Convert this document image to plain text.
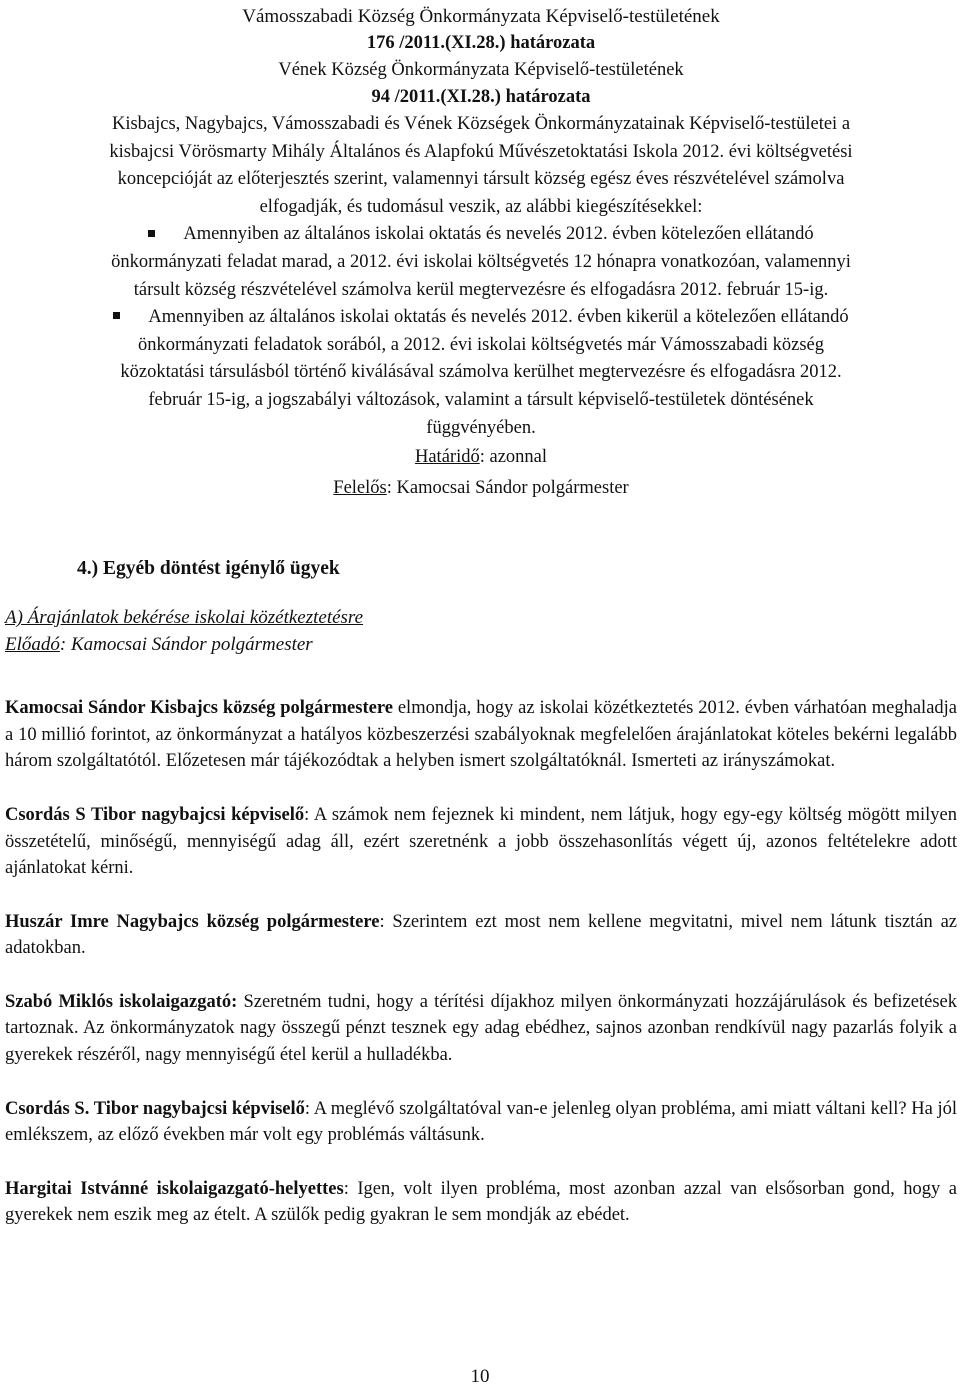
Vámosszabadi Község Önkormányzata Képviselő-testületének
176 /2011.(XI.28.) határozata
Vének Község Önkormányzata Képviselő-testületének
94 /2011.(XI.28.) határozata
Kisbajcs, Nagybajcs, Vámosszabadi és Vének Községek Önkormányzatainak Képviselő-testületei a
kisbajcsi Vörösmarty Mihály Általános és Alapfokú Művészetoktatási Iskola 2012. évi költségvetési
koncepcióját az előterjesztés szerint, valamennyi társult község egész éves részvételével számolva
elfogadják, és tudomásul veszik, az alábbi kiegészítésekkel:
Amennyiben az általános iskolai oktatás és nevelés 2012. évben kötelezően ellátandó
önkormányzati feladat marad, a 2012. évi iskolai költségvetés 12 hónapra vonatkozóan, valamennyi
társult község részvételével számolva kerül megtervezésre és elfogadásra 2012. február 15-ig.
Amennyiben az általános iskolai oktatás és nevelés 2012. évben kikerül a kötelezően ellátandó
önkormányzati feladatok sorából, a 2012. évi iskolai költségvetés már Vámosszabadi község
közoktatási társulásból történő kiválásával számolva kerülhet megtervezésre és elfogadásra 2012.
február 15-ig, a jogszabályi változások, valamint a társult képviselő-testületek döntésének
függvényében.
Határidő: azonnal
Felelős: Kamocsai Sándor polgármester
4.) Egyéb döntést igénylő ügyek
A) Árajánlatok bekérése iskolai közétkeztetésre
Előadó: Kamocsai Sándor polgármester

Kamocsai Sándor Kisbajcs község polgármestere elmondja, hogy az iskolai közétkeztetés 2012. évben várhatóan meghaladja a 10 millió forintot, az önkormányzat a hatályos közbeszerzési szabályoknak megfelelően árajánlatokat köteles bekérni legalább három szolgáltatótól. Előzetesen már tájékozódtak a helyben ismert szolgáltatóknál. Ismerteti az irányszámokat.

Csordás S Tibor nagybajcsi képviselő: A számok nem fejeznek ki mindent, nem látjuk, hogy egy-egy költség mögött milyen összetételű, minőségű, mennyiségű adag áll, ezért szeretnénk a jobb összehasonlítás végett új, azonos feltételekre adott ajánlatokat kérni.

Huszár Imre Nagybajcs község polgármestere: Szerintem ezt most nem kellene megvitatni, mivel nem látunk tisztán az adatokban.

Szabó Miklós iskolaigazgató: Szeretném tudni, hogy a térítési díjakhoz milyen önkormányzati hozzájárulások és befizetések tartoznak. Az önkormányzatok nagy összegű pénzt tesznek egy adag ebédhez, sajnos azonban rendkívül nagy pazarlás folyik a gyerekek részéről, nagy mennyiségű étel kerül a hulladékba.

Csordás S. Tibor nagybajcsi képviselő: A meglévő szolgáltatóval van-e jelenleg olyan probléma, ami miatt váltani kell? Ha jól emlékszem, az előző években már volt egy problémás váltásunk.

Hargitai Istvánné iskolaigazgató-helyettes: Igen, volt ilyen probléma, most azonban azzal van elsősorban gond, hogy a gyerekek nem eszik meg az ételt. A szülők pedig gyakran le sem mondják az ebédet.

10
